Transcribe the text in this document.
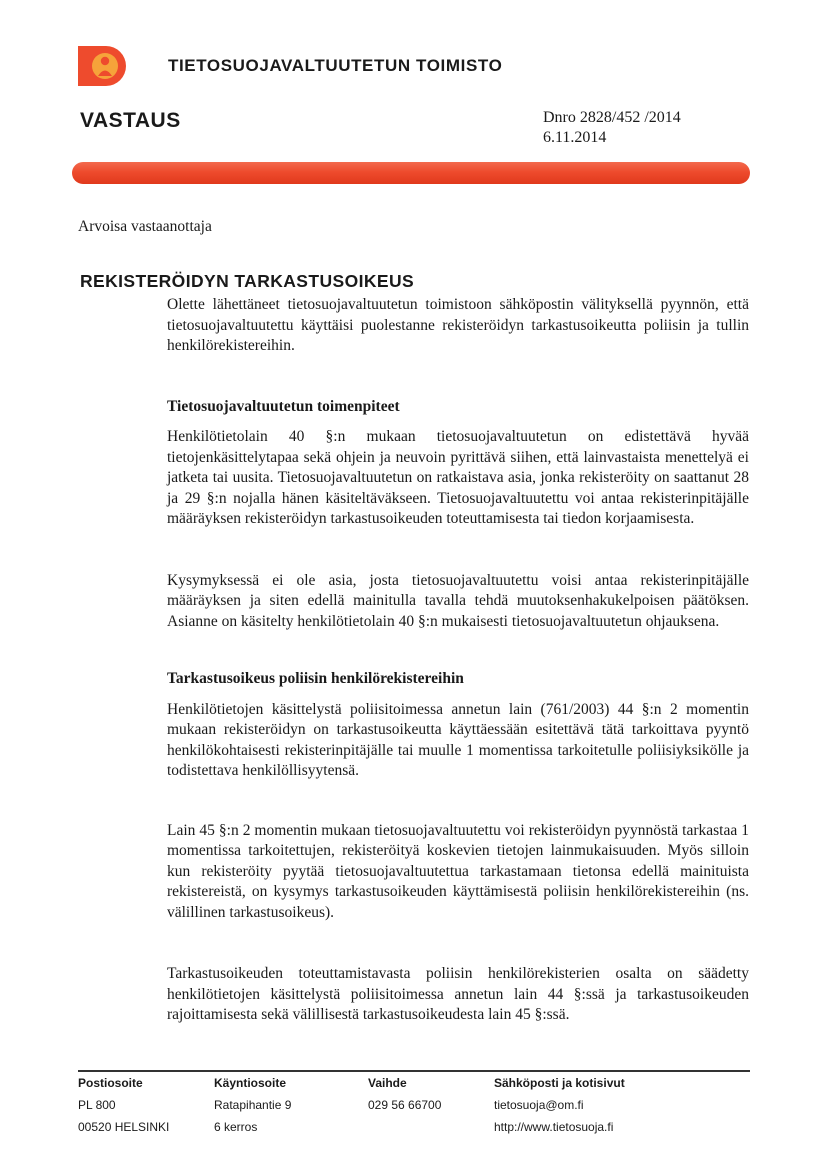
TIETOSUOJAVALTUUTETUN TOIMISTO
VASTAUS	Dnro 2828/452 /2014
6.11.2014
Arvoisa vastaanottaja
REKISTERÖIDYN TARKASTUSOIKEUS

Olette lähettäneet tietosuojavaltuutetun toimistoon sähköpostin välityksellä pyynnön, että tietosuojavaltuutettu käyttäisi puolestanne rekisteröidyn tarkastusoikeutta poliisin ja tullin henkilörekistereihin.

Tietosuojavaltuutetun toimenpiteet

Henkilötietolain 40 §:n mukaan tietosuojavaltuutetun on edistettävä hyvää tietojenkäsittelytapaa sekä ohjein ja neuvoin pyrittävä siihen, että lainvastaista menettelyä ei jatketa tai uusita. Tietosuojavaltuutetun on ratkaistava asia, jonka rekisteröity on saattanut 28 ja 29 §:n nojalla hänen käsiteltäväkseen. Tietosuojavaltuutettu voi antaa rekisterinpitäjälle määräyksen rekisteröidyn tarkastusoikeuden toteuttamisesta tai tiedon korjaamisesta.

Kysymyksessä ei ole asia, josta tietosuojavaltuutettu voisi antaa rekisterinpitäjälle määräyksen ja siten edellä mainitulla tavalla tehdä muutoksenhakukelpoisen päätöksen. Asianne on käsitelty henkilötietolain 40 §:n mukaisesti tietosuojavaltuutetun ohjauksena.

Tarkastusoikeus poliisin henkilörekistereihin

Henkilötietojen käsittelystä poliisitoimessa annetun lain (761/2003) 44 §:n 2 momentin mukaan rekisteröidyn on tarkastusoikeutta käyttäessään esitettävä tätä tarkoittava pyyntö henkilökohtaisesti rekisterinpitäjälle tai muulle 1 momentissa tarkoitetulle poliisiyksikölle ja todistettava henkilöllisyytensä.

Lain 45 §:n 2 momentin mukaan tietosuojavaltuutettu voi rekisteröidyn pyynnöstä tarkastaa 1 momentissa tarkoitettujen, rekisteröityä koskevien tietojen lainmukaisuuden. Myös silloin kun rekisteröity pyytää tietosuojavaltuutettua tarkastamaan tietonsa edellä mainituista rekistereistä, on kysymys tarkastusoikeuden käyttämisestä poliisin henkilörekistereihin (ns. välillinen tarkastusoikeus).

Tarkastusoikeuden toteuttamistavasta poliisin henkilörekisterien osalta on säädetty henkilötietojen käsittelystä poliisitoimessa annetun lain 44 §:ssä ja tarkastusoikeuden rajoittamisesta sekä välillisestä tarkastusoikeudesta lain 45 §:ssä.

Postiosoite
PL 800
00520 HELSINKI
Käyntiosoite
Ratapihantie 9
6 kerros
Vaihde
029 56 66700
Sähköposti ja kotisivut
tietosuoja@om.fi
http://www.tietosuoja.fi
